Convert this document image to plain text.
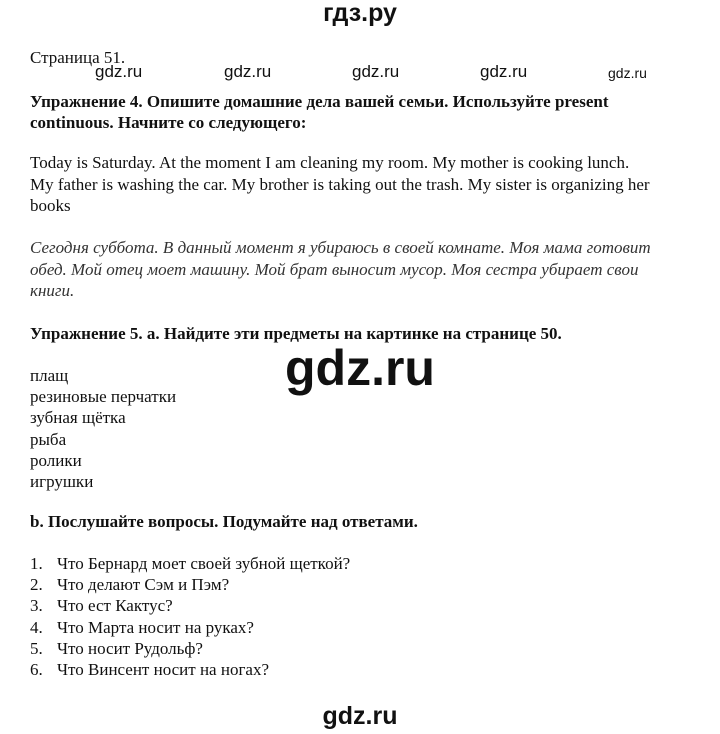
гдз.ру
Страница 51.
gdz.ru	gdz.ru	gdz.ru	gdz.ru	gdz.ru
Упражнение 4. Опишите домашние дела вашей семьи. Используйте present
continuous. Начните со следующего:
Today is Saturday. At the moment I am cleaning my room. My mother is cooking lunch. My father is washing the car. My brother is taking out the trash. My sister is organizing her books
Сегодня суббота. В данный момент я убираюсь в своей комнате. Моя мама готовит обед. Мой отец моет машину. Мой брат выносит мусор. Моя сестра убирает свои книги.
Упражнение 5. а. Найдите эти предметы на картинке на странице 50.
gdz.ru
плащ
резиновые перчатки
зубная щётка
рыба
ролики
игрушки
b. Послушайте вопросы. Подумайте над ответами.
1. Что Бернард моет своей зубной щеткой?
2. Что делают Сэм и Пэм?
3. Что ест Кактус?
4. Что Марта носит на руках?
5. Что носит Рудольф?
6. Что Винсент носит на ногах?
gdz.ru
